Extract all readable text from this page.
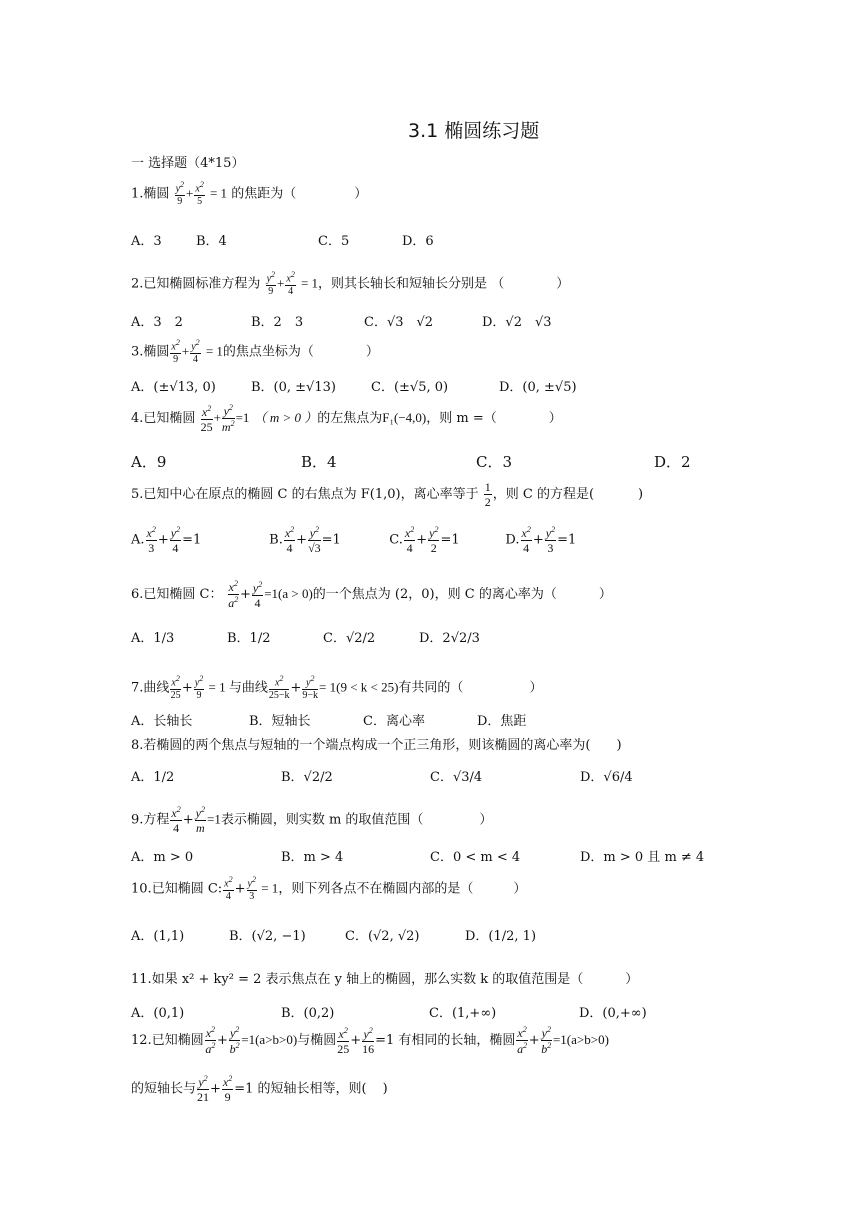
3.1 椭圆练习题
一 选择题（4*15）
1.椭圆 $\frac{y^2}{9} + \frac{x^2}{5} = 1$ 的焦距为（	）
A．3	B．4	C．5	D．6
2.已知椭圆标准方程为 $\frac{y^2}{9} + \frac{x^2}{4} = 1$，则其长轴长和短轴长分别是 （　　　　）
A．3　2	B．2　3	C．√3　√2	D．√2　√3
3.椭圆 $\frac{x^2}{9} + \frac{y^2}{4} = 1$的焦点坐标为（	）
A．(±√13, 0)	B．(0, ±√13)	C．(±√5, 0)	D．(0, ±√5)
4.已知椭圆 $\frac{x^2}{25} + \frac{y^2}{m^2} =1$ （ m > 0 ）的左焦点为F₁(−4,0)，则 m =（	）
A．9	B．4	C．3	D．2
5.已知中心在原点的椭圆 C 的右焦点为 F(1,0)，离心率等于 $\frac{1}{2}$ ，则 C 的方程是(	)
A. $\frac{x^2}{3} + \frac{y^2}{4} =1$	B. $\frac{x^2}{4} + \frac{y^2}{√3} =1$	C. $\frac{x^2}{4} + \frac{y^2}{2} =1$	D. $\frac{x^2}{4} + \frac{y^2}{3} =1$
6.已知椭圆 C： $\frac{x^2}{a^2} + \frac{y^2}{4} =1(a > 0)$的一个焦点为 (2，0)，则 C 的离心率为（	）
A．1/3	B．1/2	C．√2/2	D．2√2/3
7.曲线 $\frac{x^2}{25} + \frac{y^2}{9} = 1$ 与曲线 $\frac{x^2}{25-k} + \frac{y^2}{9-k} = 1(9 < k < 25)$有共同的（	）
A．长轴长	B．短轴长	C．离心率	D．焦距
8.若椭圆的两个焦点与短轴的一个端点构成一个正三角形，则该椭圆的离心率为( )
A．1/2	B．√2/2	C．√3/4	D．√6/4
9.方程 $\frac{x^2}{4} + \frac{y^2}{m} =1$表示椭圆，则实数 m 的取值范围（	）
A．m > 0	B．m > 4	C．0 < m < 4	D．m > 0 且 m ≠ 4
10.已知椭圆 C: $\frac{x^2}{4} + \frac{y^2}{3} = 1$，则下列各点不在椭圆内部的是（	）
A．(1,1)	B．(√2, −1)	C．(√2, √2)	D．(1/2, 1)
11.如果 x² + ky² = 2 表示焦点在 y 轴上的椭圆，那么实数 k 的取值范围是（	）
A．(0,1)	B．(0,2)	C．(1,+∞)	D．(0,+∞)
12.已知椭圆 $\frac{x^2}{a^2} + \frac{y^2}{b^2} =1(a>b>0)$与椭圆 $\frac{x^2}{25} + \frac{y^2}{16} =1$ 有相同的长轴，椭圆 $\frac{x^2}{a^2} + \frac{y^2}{b^2} =1(a>b>0)$
的短轴长与 $\frac{y^2}{21} + \frac{x^2}{9} =1$ 的短轴长相等，则( )
